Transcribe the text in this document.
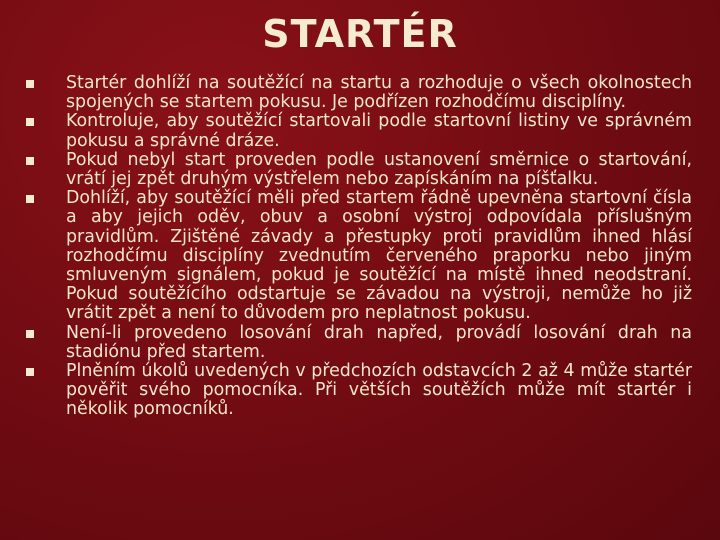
STARTÉR
Startér dohlíží na soutěžící na startu a rozhoduje o všech okolnostech spojených se startem pokusu. Je podřízen rozhodčímu disciplíny.
Kontroluje, aby soutěžící startovali podle startovní listiny ve správném pokusu a správné dráze.
Pokud nebyl start proveden podle ustanovení směrnice o startování, vrátí jej zpět druhým výstřelem nebo zapískáním na píšťalku.
Dohlíží, aby soutěžící měli před startem řádně upevněna startovní čísla a aby jejich oděv, obuv a osobní výstroj odpovídala příslušným pravidlům. Zjištěné závady a přestupky proti pravidlům ihned hlásí rozhodčímu disciplíny zvednutím červeného praporku nebo jiným smluveným signálem, pokud je soutěžící na místě ihned neodstraní. Pokud soutěžícího odstartuje se závadou na výstroji, nemůže ho již vrátit zpět a není to důvodem pro neplatnost pokusu.
Není-li provedeno losování drah napřed, provádí losování drah na stadiónu před startem.
Plněním úkolů uvedených v předchozích odstavcích 2 až 4 může startér pověřit svého pomocníka. Při větších soutěžích může mít startér i několik pomocníků.
